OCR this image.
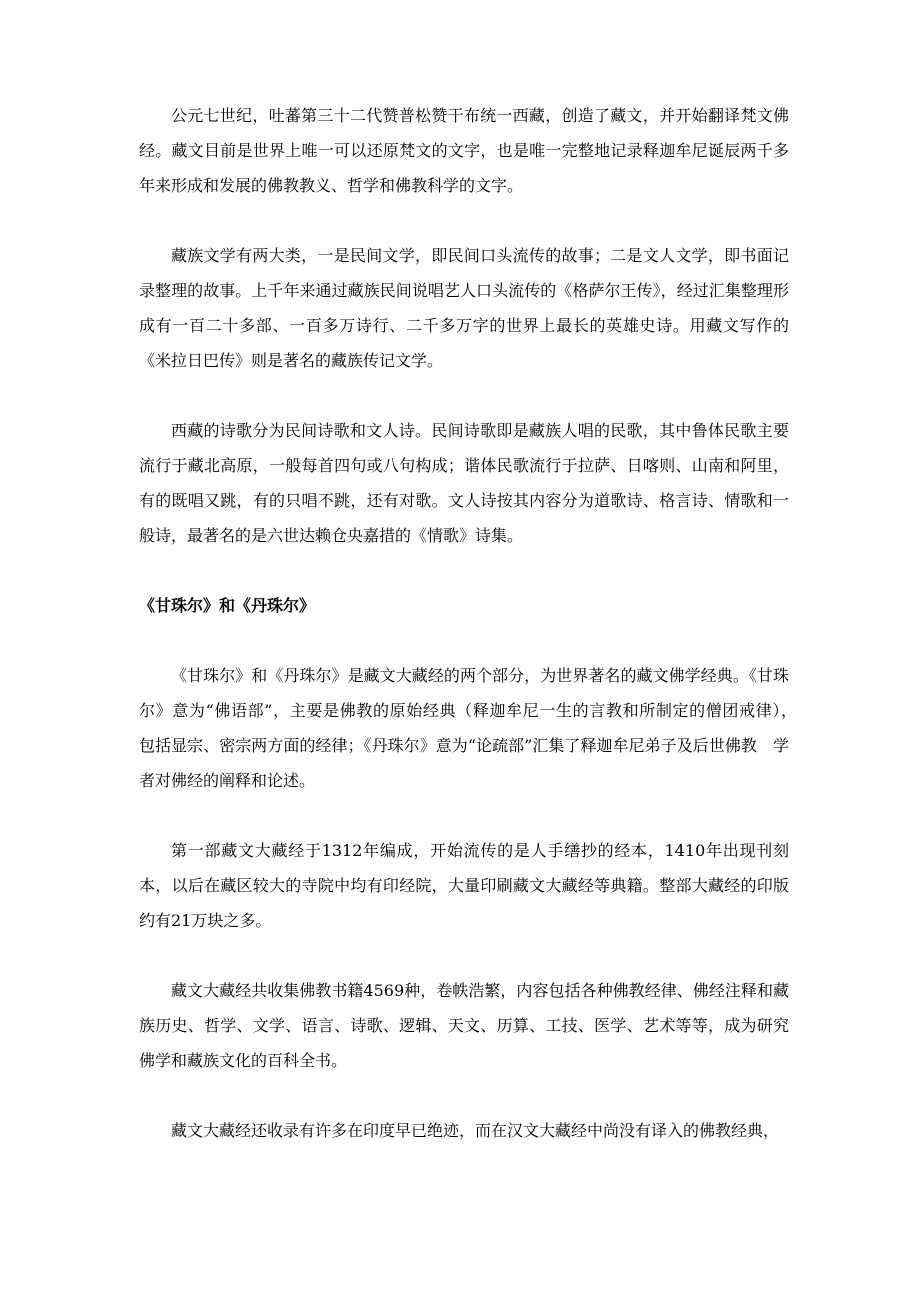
公元七世纪，吐蕃第三十二代赞普松赞干布统一西藏，创造了藏文，并开始翻译梵文佛经。藏文目前是世界上唯一可以还原梵文的文字，也是唯一完整地记录释迦牟尼诞辰两千多年来形成和发展的佛教教义、哲学和佛教科学的文字。

藏族文学有两大类，一是民间文学，即民间口头流传的故事；二是文人文学，即书面记录整理的故事。上千年来通过藏族民间说唱艺人口头流传的《格萨尔王传》，经过汇集整理形成有一百二十多部、一百多万诗行、二千多万字的世界上最长的英雄史诗。用藏文写作的《米拉日巴传》则是著名的藏族传记文学。

西藏的诗歌分为民间诗歌和文人诗。民间诗歌即是藏族人唱的民歌，其中鲁体民歌主要流行于藏北高原，一般每首四句或八句构成；谐体民歌流行于拉萨、日喀则、山南和阿里，有的既唱又跳，有的只唱不跳，还有对歌。文人诗按其内容分为道歌诗、格言诗、情歌和一般诗，最著名的是六世达赖仓央嘉措的《情歌》诗集。

《甘珠尔》和《丹珠尔》

《甘珠尔》和《丹珠尔》是藏文大藏经的两个部分，为世界著名的藏文佛学经典。《甘珠尔》意为“佛语部”，主要是佛教的原始经典（释迦牟尼一生的言教和所制定的僧团戒律），　包括显宗、密宗两方面的经律；《丹珠尔》意为“论疏部”汇集了释迦牟尼弟子及后世佛教　学者对佛经的阐释和论述。

第一部藏文大藏经于1312年编成，开始流传的是人手缮抄的经本，1410年出现刊刻本，以后在藏区较大的寺院中均有印经院，大量印刷藏文大藏经等典籍。整部大藏经的印版约有21万块之多。

藏文大藏经共收集佛教书籍4569种，卷帙浩繁，内容包括各种佛教经律、佛经注释和藏族历史、哲学、文学、语言、诗歌、逻辑、天文、历算、工技、医学、艺术等等，成为研究佛学和藏族文化的百科全书。

藏文大藏经还收录有许多在印度早已绝迹，而在汉文大藏经中尚没有译入的佛教经典，
